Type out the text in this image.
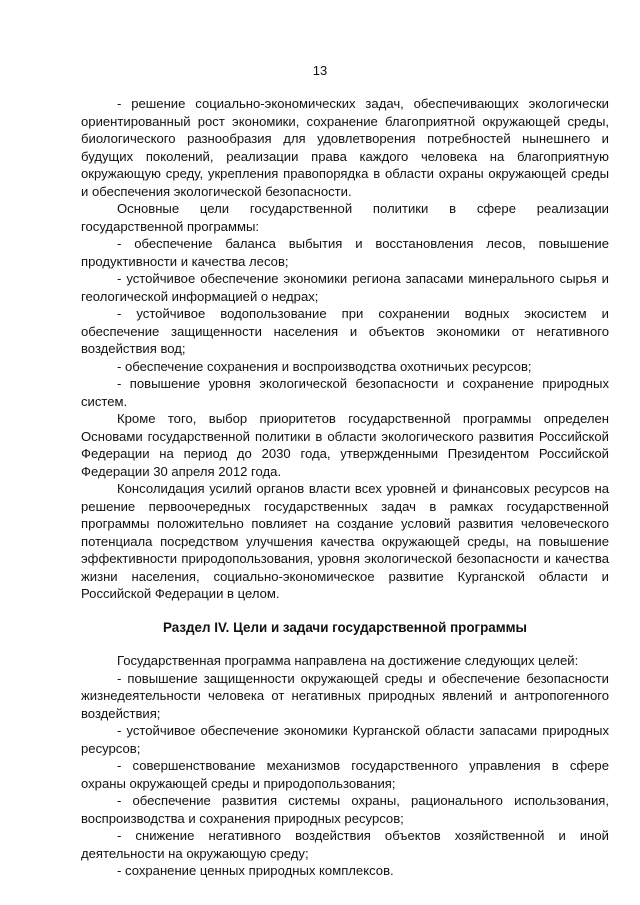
13

- решение социально-экономических задач, обеспечивающих экологически ориентированный рост экономики, сохранение благоприятной окружающей среды, биологического разнообразия для удовлетворения потребностей нынешнего и будущих поколений, реализации права каждого человека на благоприятную окружающую среду, укрепления правопорядка в области охраны окружающей среды и обеспечения экологической безопасности.

Основные цели государственной политики в сфере реализации государственной программы:

- обеспечение баланса выбытия и восстановления лесов, повышение продуктивности и качества лесов;

- устойчивое обеспечение экономики региона запасами минерального сырья и геологической информацией о недрах;

- устойчивое водопользование при сохранении водных экосистем и обеспечение защищенности населения и объектов экономики от негативного воздействия вод;

- обеспечение сохранения и воспроизводства охотничьих ресурсов;

- повышение уровня экологической безопасности и сохранение природных систем.

Кроме того, выбор приоритетов государственной программы определен Основами государственной политики в области экологического развития Российской Федерации на период до 2030 года, утвержденными Президентом Российской Федерации 30 апреля 2012 года.

Консолидация усилий органов власти всех уровней и финансовых ресурсов на решение первоочередных государственных задач в рамках государственной программы положительно повлияет на создание условий развития человеческого потенциала посредством улучшения качества окружающей среды, на повышение эффективности природопользования, уровня экологической безопасности и качества жизни населения, социально-экономическое развитие Курганской области и Российской Федерации в целом.

Раздел IV. Цели и задачи государственной программы

Государственная программа направлена на достижение следующих целей:

- повышение защищенности окружающей среды и обеспечение безопасности жизнедеятельности человека от негативных природных явлений и антропогенного воздействия;

- устойчивое обеспечение экономики Курганской области запасами природных ресурсов;

- совершенствование механизмов государственного управления в сфере охраны окружающей среды и природопользования;

- обеспечение развития системы охраны, рационального использования, воспроизводства и сохранения природных ресурсов;

- снижение негативного воздействия объектов хозяйственной и иной деятельности на окружающую среду;

- сохранение ценных природных комплексов.
